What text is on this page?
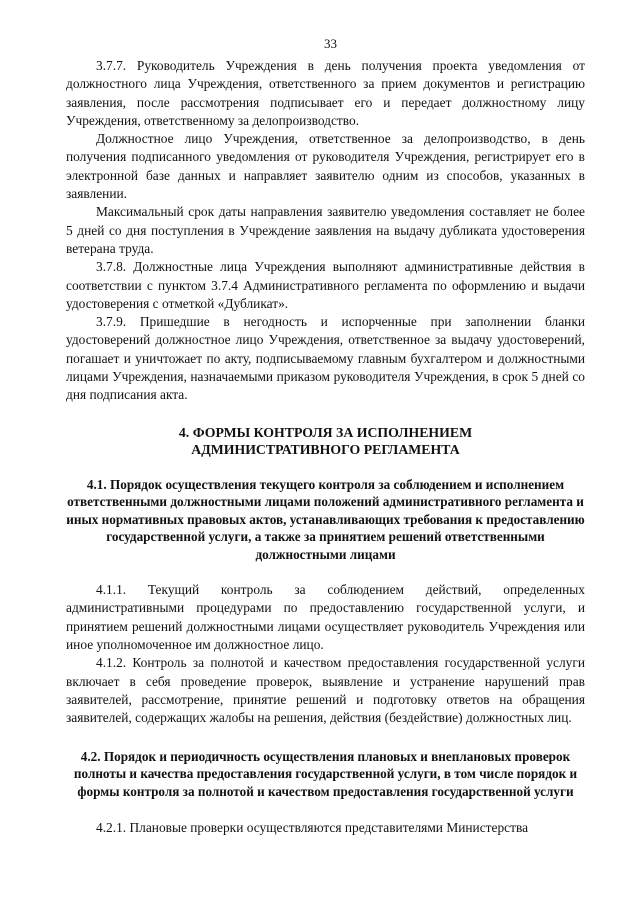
33

3.7.7. Руководитель Учреждения в день получения проекта уведомления от должностного лица Учреждения, ответственного за прием документов и регистрацию заявления, после рассмотрения подписывает его и передает должностному лицу Учреждения, ответственному за делопроизводство.

Должностное лицо Учреждения, ответственное за делопроизводство, в день получения подписанного уведомления от руководителя Учреждения, регистрирует его в электронной базе данных и направляет заявителю одним из способов, указанных в заявлении.

Максимальный срок даты направления заявителю уведомления составляет не более 5 дней со дня поступления в Учреждение заявления на выдачу дубликата удостоверения ветерана труда.

3.7.8. Должностные лица Учреждения выполняют административные действия в соответствии с пунктом 3.7.4 Административного регламента по оформлению и выдачи удостоверения с отметкой «Дубликат».

3.7.9. Пришедшие в негодность и испорченные при заполнении бланки удостоверений должностное лицо Учреждения, ответственное за выдачу удостоверений, погашает и уничтожает по акту, подписываемому главным бухгалтером и должностными лицами Учреждения, назначаемыми приказом руководителя Учреждения, в срок 5 дней со дня подписания акта.

4. ФОРМЫ КОНТРОЛЯ ЗА ИСПОЛНЕНИЕМ
АДМИНИСТРАТИВНОГО РЕГЛАМЕНТА
4.1. Порядок осуществления текущего контроля за соблюдением и исполнением ответственными должностными лицами положений административного регламента и иных нормативных правовых актов, устанавливающих требования к предоставлению государственной услуги, а также за принятием решений ответственными должностными лицами

4.1.1. Текущий контроль за соблюдением действий, определенных административными процедурами по предоставлению государственной услуги, и принятием решений должностными лицами осуществляет руководитель Учреждения или иное уполномоченное им должностное лицо.

4.1.2. Контроль за полнотой и качеством предоставления государственной услуги включает в себя проведение проверок, выявление и устранение нарушений прав заявителей, рассмотрение, принятие решений и подготовку ответов на обращения заявителей, содержащих жалобы на решения, действия (бездействие) должностных лиц.

4.2. Порядок и периодичность осуществления плановых и внеплановых проверок полноты и качества предоставления государственной услуги, в том числе порядок и формы контроля за полнотой и качеством предоставления государственной услуги

4.2.1. Плановые проверки осуществляются представителями Министерства
